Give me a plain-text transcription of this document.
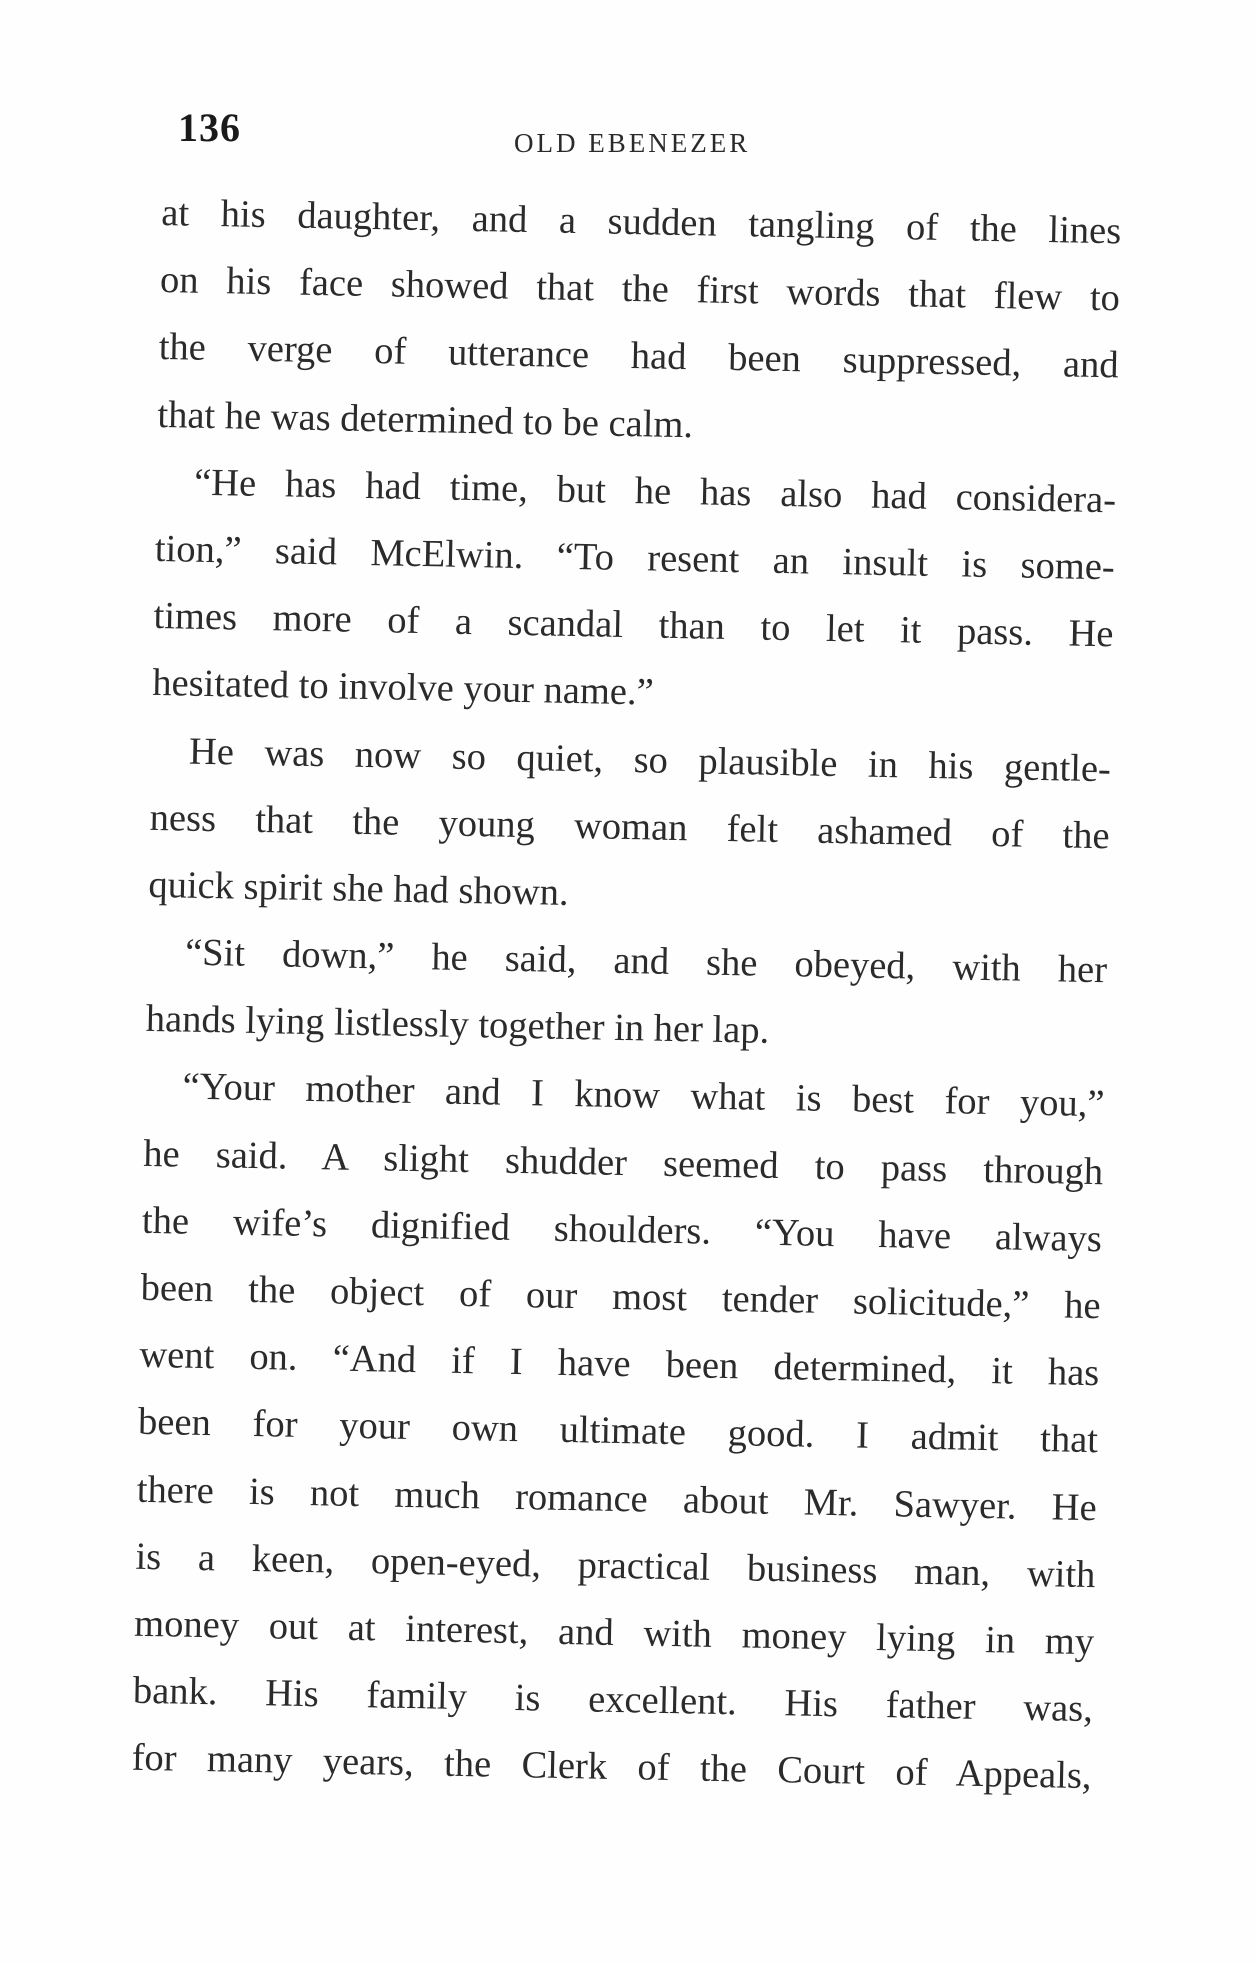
136	OLD EBENEZER
at his daughter, and a sudden tangling of the lines
on his face showed that the first words that flew to
the verge of utterance had been suppressed, and
that he was determined to be calm.
“He has had time, but he has also had considera-
tion,” said McElwin. “To resent an insult is some-
times more of a scandal than to let it pass. He
hesitated to involve your name.”
He was now so quiet, so plausible in his gentle-
ness that the young woman felt ashamed of the
quick spirit she had shown.
“Sit down,” he said, and she obeyed, with her
hands lying listlessly together in her lap.
“Your mother and I know what is best for you,”
he said. A slight shudder seemed to pass through
the wife’s dignified shoulders. “You have always
been the object of our most tender solicitude,” he
went on. “And if I have been determined, it has
been for your own ultimate good. I admit that
there is not much romance about Mr. Sawyer. He
is a keen, open-eyed, practical business man, with
money out at interest, and with money lying in my
bank. His family is excellent. His father was,
for many years, the Clerk of the Court of Appeals,
